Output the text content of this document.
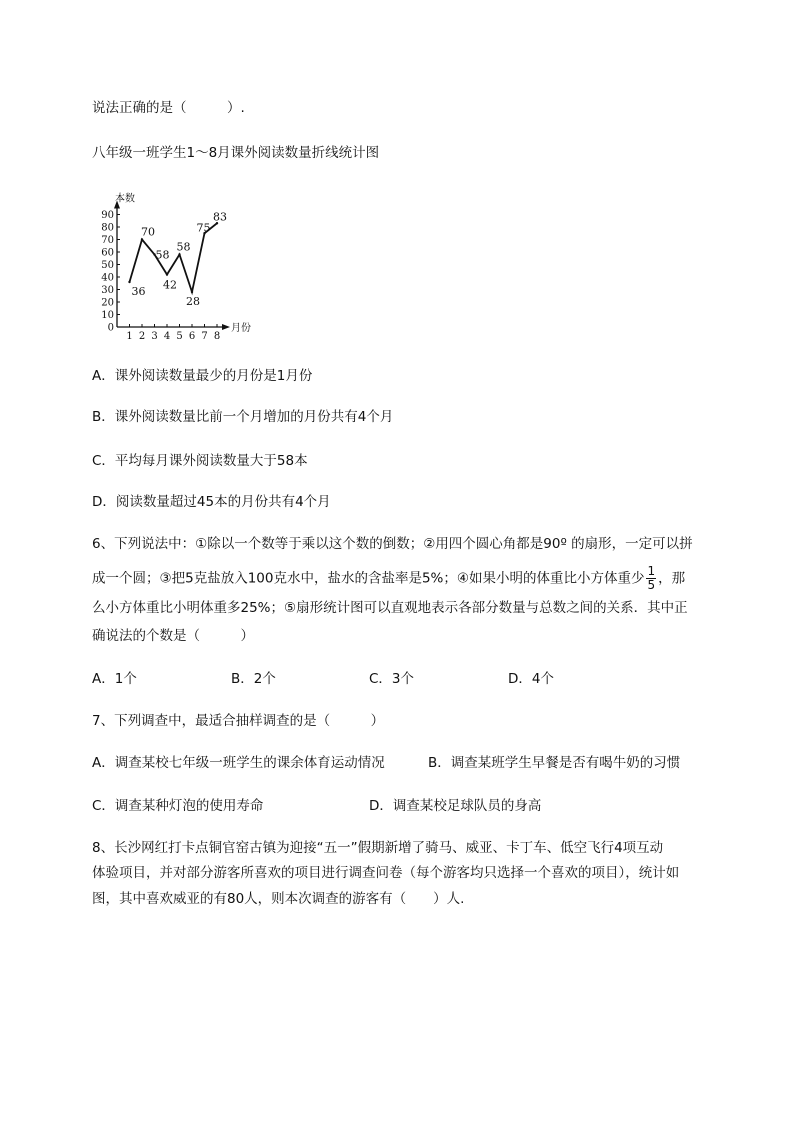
说法正确的是（　　　）.
八年级一班学生1～8月课外阅读数量折线统计图
本数
月份
0
10
20
30
40
50
60
70
80
90
1 2 3 4 5 6 7 8
36
70
58
42
58
28
75
83
A．课外阅读数量最少的月份是1月份
B．课外阅读数量比前一个月增加的月份共有4个月
C．平均每月课外阅读数量大于58本
D．阅读数量超过45本的月份共有4个月
6、下列说法中：①除以一个数等于乘以这个数的倒数；②用四个圆心角都是90º 的扇形，一定可以拼
成一个圆；③把5克盐放入100克水中，盐水的含盐率是5%；④如果小明的体重比小方体重少 $\frac{1}{5}$ ，那
么小方体重比小明体重多25%；⑤扇形统计图可以直观地表示各部分数量与总数之间的关系．其中正
确说法的个数是（　　　）
A．1个	B．2个	C．3个	D．4个
7、下列调查中，最适合抽样调查的是（　　　）
A．调查某校七年级一班学生的课余体育运动情况	B．调查某班学生早餐是否有喝牛奶的习惯
C．调查某种灯泡的使用寿命	D．调查某校足球队员的身高
8、长沙网红打卡点铜官窑古镇为迎接“五一”假期新增了骑马、威亚、卡丁车、低空飞行4项互动
体验项目，并对部分游客所喜欢的项目进行调查问卷（每个游客均只选择一个喜欢的项目），统计如
图，其中喜欢威亚的有80人，则本次调查的游客有（　　）人.
